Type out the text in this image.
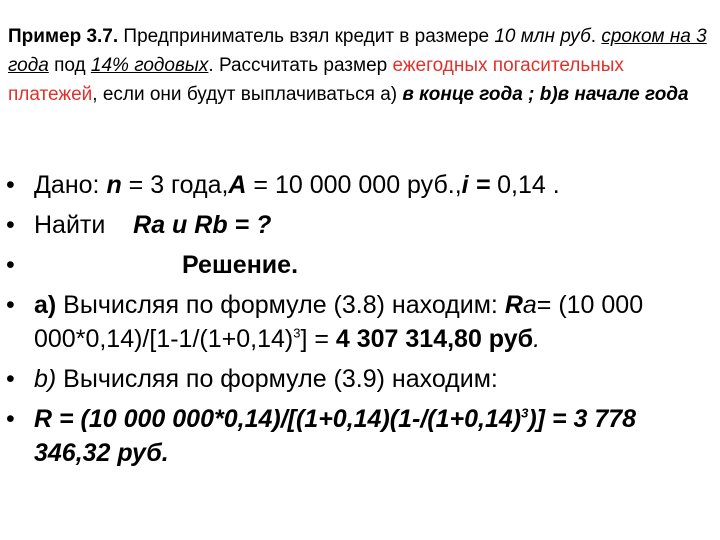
Пример 3.7. Предприниматель взял кредит в размере 10 млн руб. сроком на 3 года под 14% годовых. Рассчитать размер ежегодных погасительных платежей, если они будут выплачиваться а) в конце года ; b)в начале года
• Дано: n = 3 года,A = 10 000 000 руб.,i = 0,14 .
• Найти    Ra и Rb = ?
•	Решение.
• а) Вычисляя по формуле (3.8) находим: Rа= (10 000 $000*0,14)/[1-1/(1+0,14)^3] = 4$ 307 314,80 руб.
• b) Вычисляя по формуле (3.9) находим:
• R = (10 000 $000*0,14)/[(1+0,14)(1-/(1+0,14)^3)] = 3$ 778 346,32 руб.
